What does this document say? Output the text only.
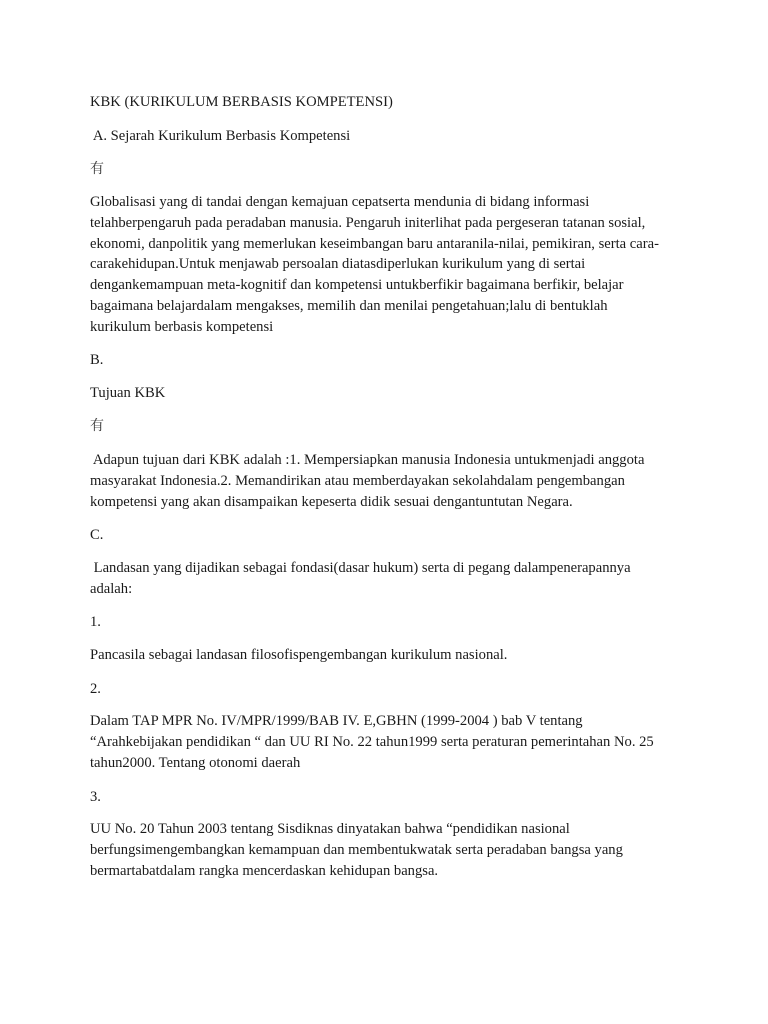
KBK (KURIKULUM BERBASIS KOMPETENSI)
A. Sejarah Kurikulum Berbasis Kompetensi
有
Globalisasi yang di tandai dengan kemajuan cepatserta mendunia di bidang informasi
telahberpengaruh pada peradaban manusia. Pengaruh initerlihat pada pergeseran tatanan sosial,
ekonomi, danpolitik yang memerlukan keseimbangan baru antaranila-nilai, pemikiran, serta cara-
carakehidupan.Untuk menjawab persoalan diatasdiperlukan kurikulum yang di sertai
dengankemampuan meta-kognitif dan kompetensi untukberfikir bagaimana berfikir, belajar
bagaimana belajardalam mengakses, memilih dan menilai pengetahuan;lalu di bentuklah
kurikulum berbasis kompetensi
B.
Tujuan KBK
有
Adapun tujuan dari KBK adalah :1. Mempersiapkan manusia Indonesia untukmenjadi anggota
masyarakat Indonesia.2. Memandirikan atau memberdayakan sekolahdalam pengembangan
kompetensi yang akan disampaikan kepeserta didik sesuai dengantuntutan Negara.
C.
Landasan yang dijadikan sebagai fondasi(dasar hukum) serta di pegang dalampenerapannya
adalah:
1.
Pancasila sebagai landasan filosofispengembangan kurikulum nasional.
2.
Dalam TAP MPR No. IV/MPR/1999/BAB IV. E,GBHN (1999-2004 ) bab V tentang
“Arahkebijakan pendidikan “ dan UU RI No. 22 tahun1999 serta peraturan pemerintahan No. 25
tahun2000. Tentang otonomi daerah
3.
UU No. 20 Tahun 2003 tentang Sisdiknas dinyatakan bahwa “pendidikan nasional
berfungsimengembangkan kemampuan dan membentukwatak serta peradaban bangsa yang
bermartabatdalam rangka mencerdaskan kehidupan bangsa.
